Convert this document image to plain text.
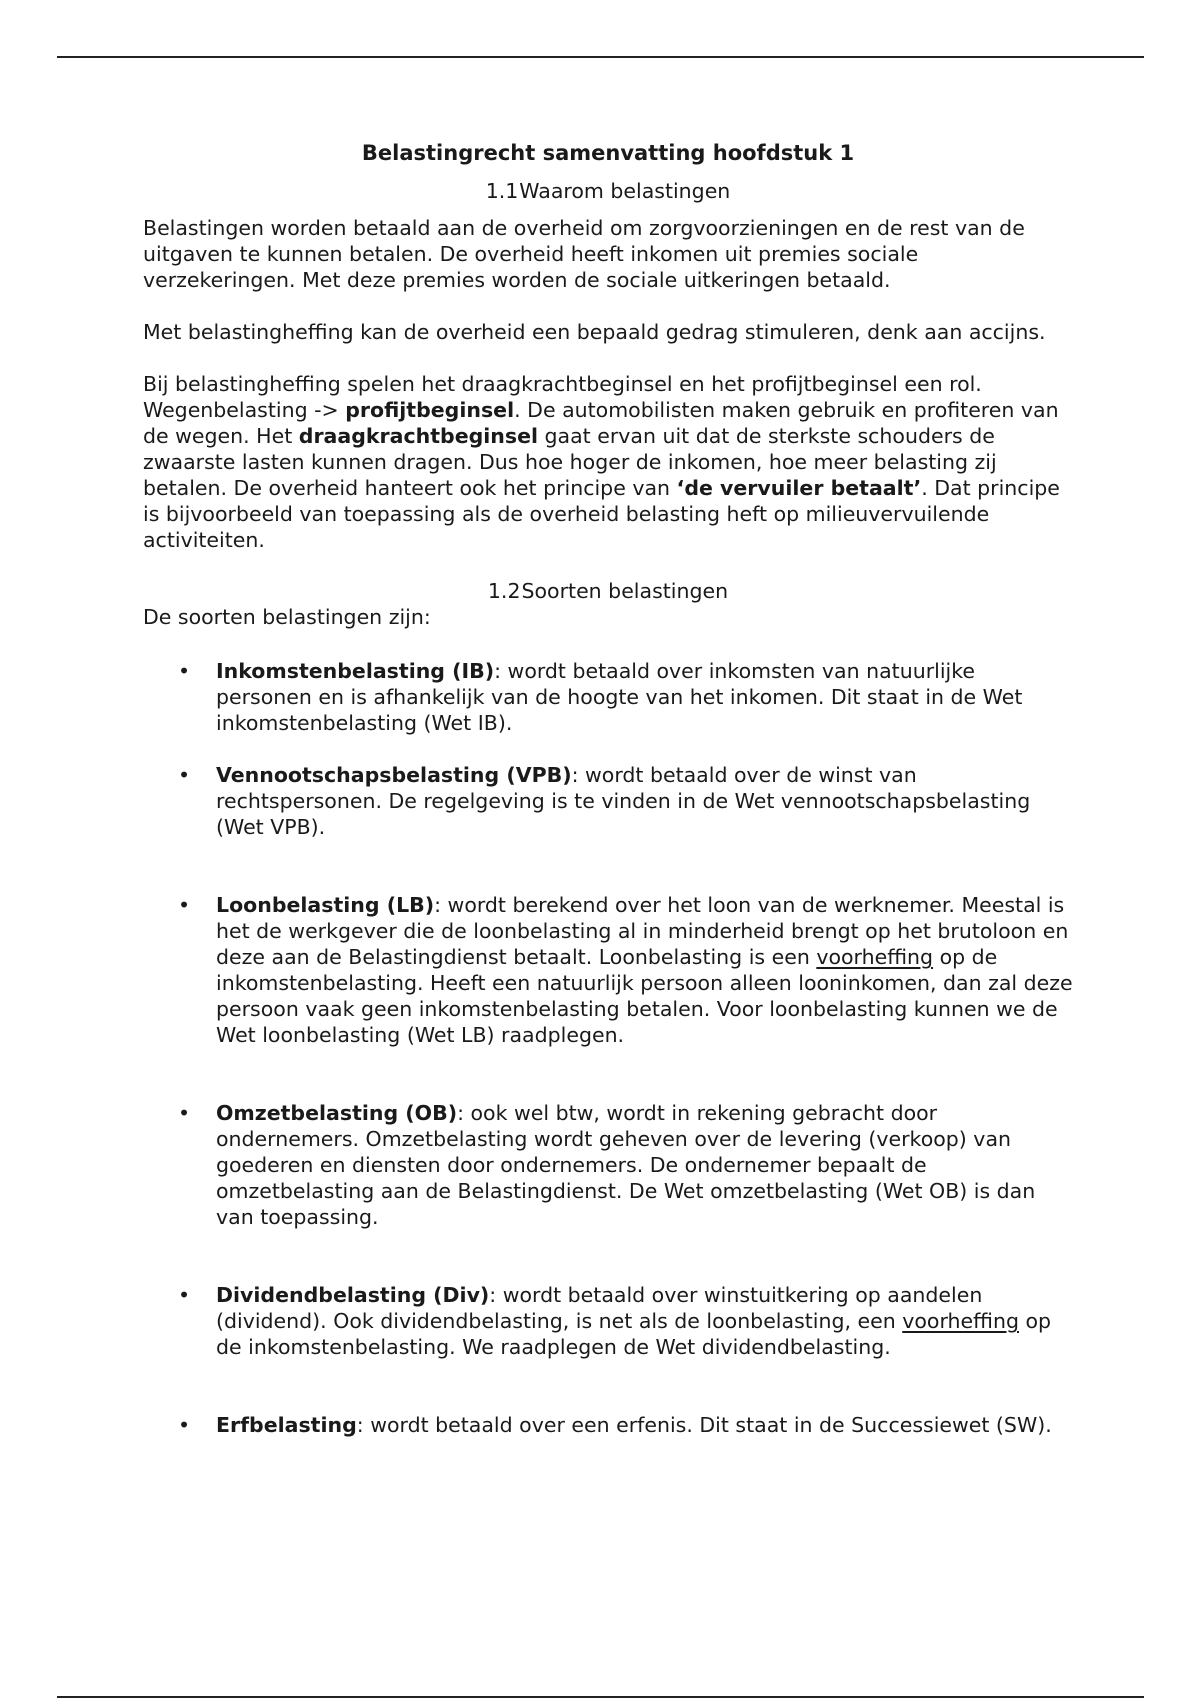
Belastingrecht samenvatting hoofdstuk 1
1.1Waarom belastingen

Belastingen worden betaald aan de overheid om zorgvoorzieningen en de rest van de uitgaven te kunnen betalen. De overheid heeft inkomen uit premies sociale verzekeringen. Met deze premies worden de sociale uitkeringen betaald.

Met belastingheffing kan de overheid een bepaald gedrag stimuleren, denk aan accijns.

Bij belastingheffing spelen het draagkrachtbeginsel en het profijtbeginsel een rol. Wegenbelasting -> profijtbeginsel. De automobilisten maken gebruik en profiteren van de wegen. Het draagkrachtbeginsel gaat ervan uit dat de sterkste schouders de zwaarste lasten kunnen dragen. Dus hoe hoger de inkomen, hoe meer belasting zij betalen. De overheid hanteert ook het principe van ‘de vervuiler betaalt’. Dat principe is bijvoorbeeld van toepassing als de overheid belasting heft op milieuvervuilende activiteiten.

1.2Soorten belastingen

De soorten belastingen zijn:

• Inkomstenbelasting (IB): wordt betaald over inkomsten van natuurlijke personen en is afhankelijk van de hoogte van het inkomen. Dit staat in de Wet inkomstenbelasting (Wet IB).
• Vennootschapsbelasting (VPB): wordt betaald over de winst van rechtspersonen. De regelgeving is te vinden in de Wet vennootschapsbelasting (Wet VPB).
• Loonbelasting (LB): wordt berekend over het loon van de werknemer. Meestal is het de werkgever die de loonbelasting al in minderheid brengt op het brutoloon en deze aan de Belastingdienst betaalt. Loonbelasting is een voorheffing op de inkomstenbelasting. Heeft een natuurlijk persoon alleen looninkomen, dan zal deze persoon vaak geen inkomstenbelasting betalen. Voor loonbelasting kunnen we de Wet loonbelasting (Wet LB) raadplegen.
• Omzetbelasting (OB): ook wel btw, wordt in rekening gebracht door ondernemers. Omzetbelasting wordt geheven over de levering (verkoop) van goederen en diensten door ondernemers. De ondernemer bepaalt de omzetbelasting aan de Belastingdienst. De Wet omzetbelasting (Wet OB) is dan van toepassing.
• Dividendbelasting (Div): wordt betaald over winstuitkering op aandelen (dividend). Ook dividendbelasting, is net als de loonbelasting, een voorheffing op de inkomstenbelasting. We raadplegen de Wet dividendbelasting.
• Erfbelasting: wordt betaald over een erfenis. Dit staat in de Successiewet (SW).
